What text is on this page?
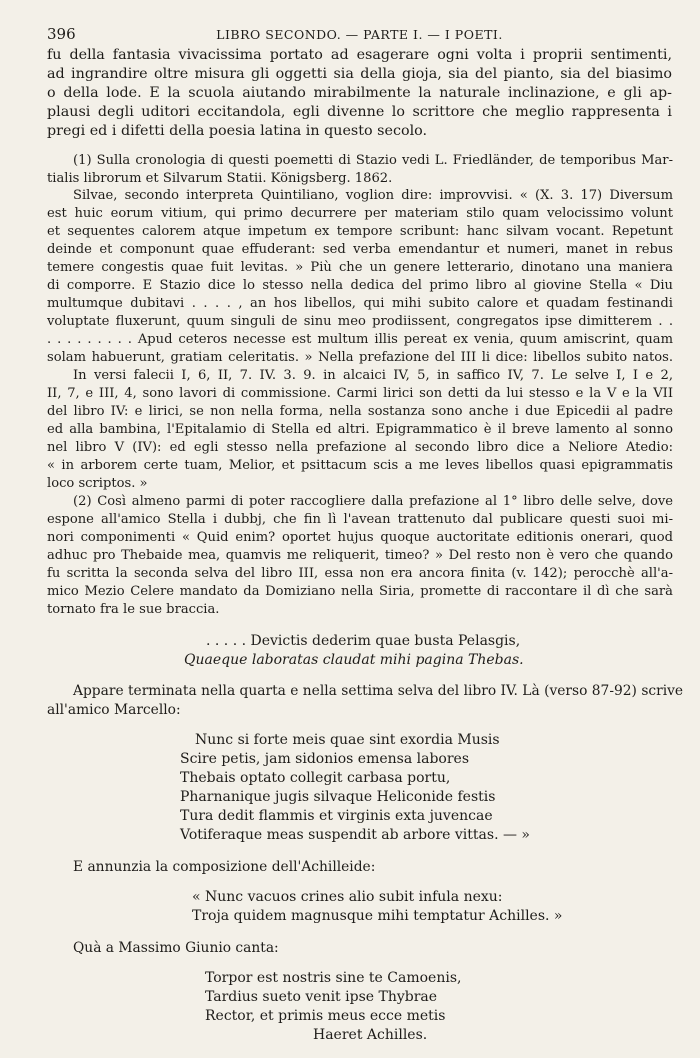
396	LIBRO SECONDO. — PARTE I. — I POETI.
fu della fantasia vivacissima portato ad esagerare ogni volta i proprii sentimenti,
ad ingrandire oltre misura gli oggetti sia della gioja, sia del pianto, sia del biasimo
o della lode. E la scuola aiutando mirabilmente la naturale inclinazione, e gli ap-
plausi degli uditori eccitandola, egli divenne lo scrittore che meglio rappresenta i
pregi ed i difetti della poesia latina in questo secolo.
(1) Sulla cronologia di questi poemetti di Stazio vedi L. Friedländer, de temporibus Mar-
tialis librorum et Silvarum Statii. Königsberg. 1862.
Silvae, secondo interpreta Quintiliano, voglion dire: improvvisi. « (X. 3. 17) Diversum
est huic eorum vitium, qui primo decurrere per materiam stilo quam velocissimo volunt
et sequentes calorem atque impetum ex tempore scribunt: hanc silvam vocant. Repetunt
deinde et componunt quae effuderant: sed verba emendantur et numeri, manet in rebus
temere congestis quae fuit levitas. » Più che un genere letterario, dinotano una maniera
di comporre. E Stazio dice lo stesso nella dedica del primo libro al giovine Stella « Diu
multumque dubitavi . . . . , an hos libellos, qui mihi subito calore et quadam festinandi
voluptate fluxerunt, quum singuli de sinu meo prodiissent, congregatos ipse dimitterem . .
. . . . . . . . . Apud ceteros necesse est multum illis pereat ex venia, quum amiscrint, quam
solam habuerunt, gratiam celeritatis. » Nella prefazione del III li dice: libellos subito natos.
In versi falecii I, 6, II, 7. IV. 3. 9. in alcaici IV, 5, in saffico IV, 7. Le selve I, I e 2,
II, 7, e III, 4, sono lavori di commissione. Carmi lirici son detti da lui stesso e la V e la VII
del libro IV: e lirici, se non nella forma, nella sostanza sono anche i due Epicedii al padre
ed alla bambina, l'Epitalamio di Stella ed altri. Epigrammatico è il breve lamento al sonno
nel libro V (IV): ed egli stesso nella prefazione al secondo libro dice a Neliore Atedio:
« in arborem certe tuam, Melior, et psittacum scis a me leves libellos quasi epigrammatis
loco scriptos. »
(2) Così almeno parmi di poter raccogliere dalla prefazione al 1° libro delle selve, dove
espone all'amico Stella i dubbj, che fin lì l'avean trattenuto dal publicare questi suoi mi-
nori componimenti « Quid enim? oportet hujus quoque auctoritate editionis onerari, quod
adhuc pro Thebaide mea, quamvis me reliquerit, timeo? » Del resto non è vero che quando
fu scritta la seconda selva del libro III, essa non era ancora finita (v. 142); perocchè all'a-
mico Mezio Celere mandato da Domiziano nella Siria, promette di raccontare il dì che sarà
tornato fra le sue braccia.
. . . . . Devictis dederim quae busta Pelasgis,
Quaeque laboratas claudat mihi pagina Thebas.
Appare terminata nella quarta e nella settima selva del libro IV. Là (verso 87-92) scrive
all'amico Marcello:
Nunc si forte meis quae sint exordia Musis
Scire petis, jam sidonios emensa labores
Thebais optato collegit carbasa portu,
Pharnanique jugis silvaque Heliconide festis
Tura dedit flammis et virginis exta juvencae
Votiferaque meas suspendit ab arbore vittas. — »
E annunzia la composizione dell'Achilleide:
« Nunc vacuos crines alio subit infula nexu:
Troja quidem magnusque mihi temptatur Achilles. »
Quà a Massimo Giunio canta:
Torpor est nostris sine te Camoenis,
Tardius sueto venit ipse Thybrae
Rector, et primis meus ecce metis
Haeret Achilles.
